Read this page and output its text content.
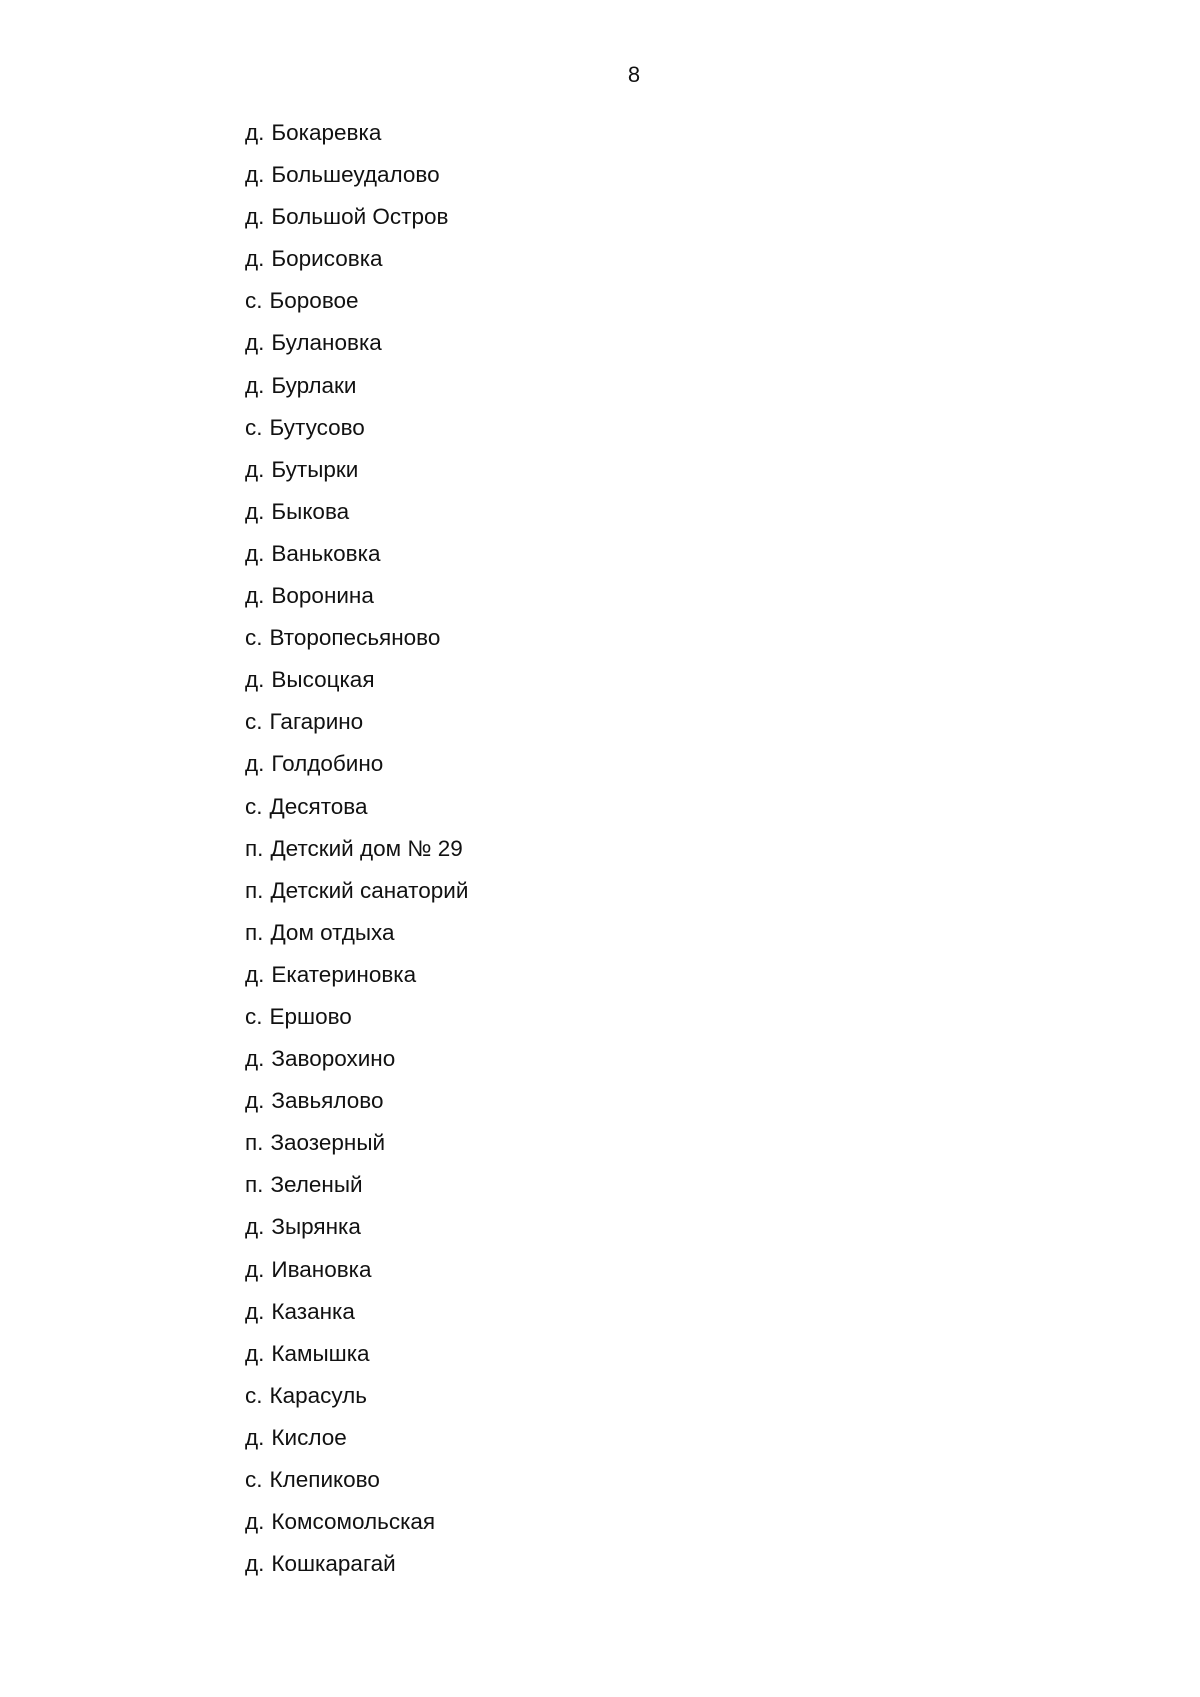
8
д. Бокаревка
д. Большеудалово
д. Большой Остров
д. Борисовка
с. Боровое
д. Булановка
д. Бурлаки
с. Бутусово
д. Бутырки
д. Быкова
д. Ваньковка
д. Воронина
с. Второпесьяново
д. Высоцкая
с. Гагарино
д. Голдобино
с. Десятова
п. Детский дом № 29
п. Детский санаторий
п. Дом отдыха
д. Екатериновка
с. Ершово
д. Заворохино
д. Завьялово
п. Заозерный
п. Зеленый
д. Зырянка
д. Ивановка
д. Казанка
д. Камышка
с. Карасуль
д. Кислое
с. Клепиково
д. Комсомольская
д. Кошкарагай
